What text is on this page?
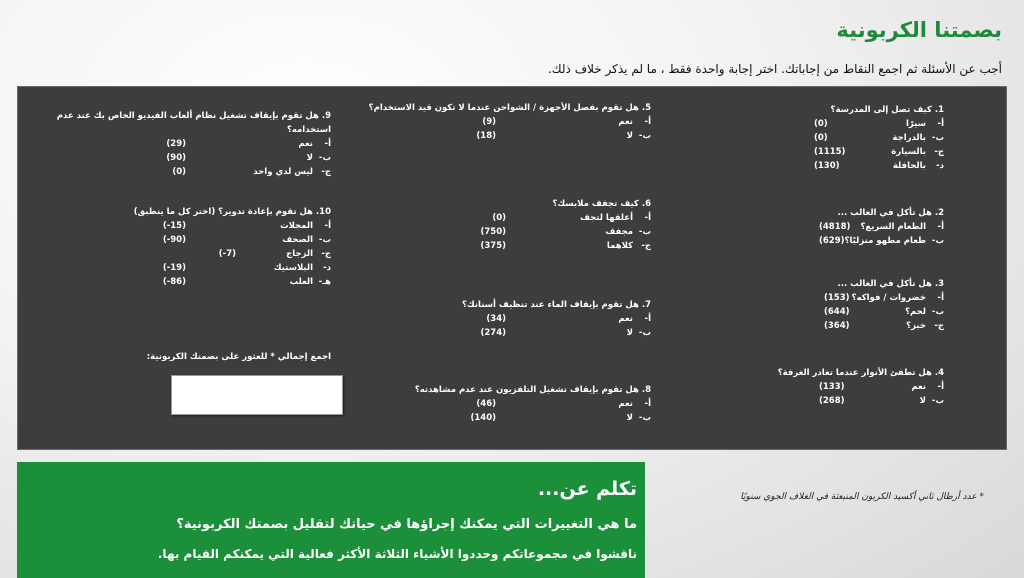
بصمتنا الكربونية

أجب عن الأسئلة ثم اجمع النقاط من إجاباتك. اختر إجابة واحدة فقط ، ما لم يذكر خلاف ذلك.

1. كيف تصل إلى المدرسة؟
أ-
سيرًا
(0)
ب-
بالدراجة
(0)
ج-
بالسيارة
(1115)
د-
بالحافلة
(130)
2. هل تأكل في الغالب ...
أ-
الطعام السريع؟
(4818)
ب-
طعام مطهو منزليًا؟
(629)
3. هل تأكل في الغالب ...
أ-
خضروات / فواكه؟
(153)
ب-
لحم؟
(644)
ج-
خبز؟
(364)
4. هل تطفئ الأنوار عندما تغادر الغرفة؟
أ-
نعم
(133)
ب-
لا
(268)
5. هل تقوم بفصل الأجهزة / الشواحن عندما لا تكون قيد الاستخدام؟
أ-
نعم
(9)
ب-
لا
(18)
6. كيف تجفف ملابسك؟
أ-
أعلقها لتجف
(0)
ب-
مجفف
(750)
ج-
كلاهما
(375)
7. هل تقوم بإيقاف الماء عند تنظيف أسنانك؟
أ-
نعم
(34)
ب-
لا
(274)
8. هل تقوم بإيقاف تشغيل التلفزيون عند عدم مشاهدته؟
أ-
نعم
(46)
ب-
لا
(140)
9. هل تقوم بإيقاف تشغيل نظام ألعاب الفيديو الخاص بك عند عدم استخدامه؟
أ-
نعم
(29)
ب-
لا
(90)
ج-
ليس لدي واحد
(0)
10. هل تقوم بإعادة تدوير؟ (اختر كل ما ينطبق)
أ-
المجلات
(-15)
ب-
الصحف
(-90)
ج-
الزجاج
(-7)
د-
البلاستيك
(-19)
هـ-
العلب
(-86)
اجمع إجمالي * للعثور على بصمتك الكربونية:
* عدد أرطال ثاني أكسيد الكربون المنبعثة في الغلاف الجوي سنويًا
تكلم عن...
ما هي التغييرات التي يمكنك إجراؤها في حياتك لتقليل بصمتك الكربونية؟
ناقشوا في مجموعاتكم وحددوا الأشياء الثلاثة الأكثر فعالية التي يمكنكم القيام بها.
